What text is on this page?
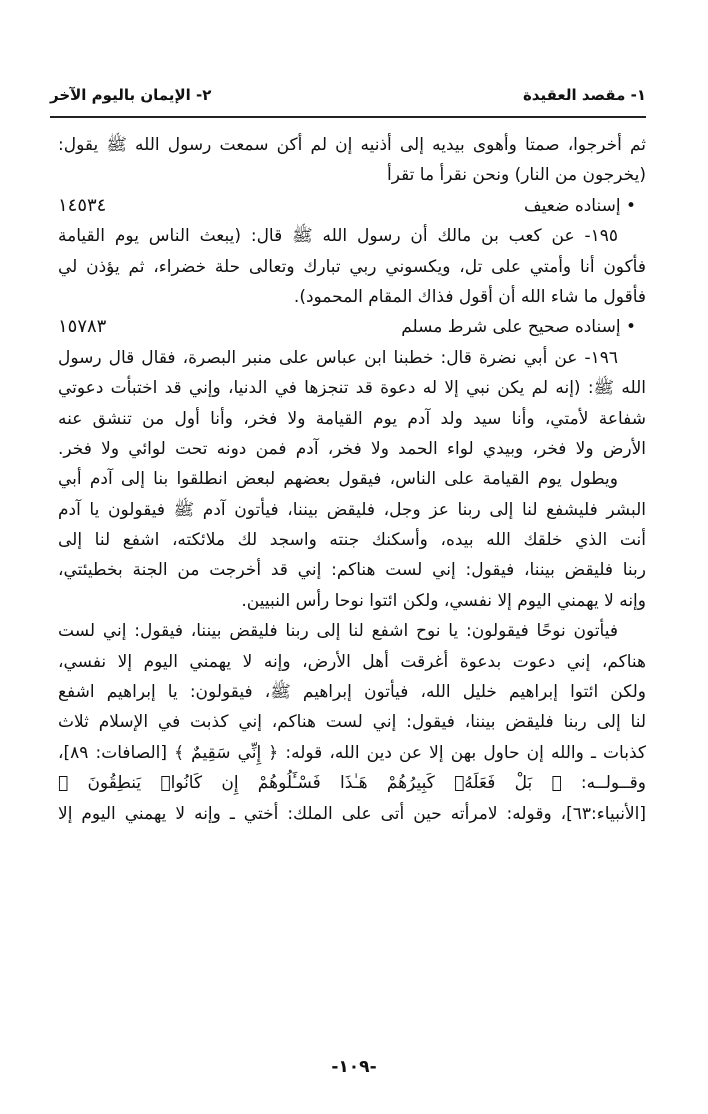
١- مقصد العقيدة
٢- الإيمان باليوم الآخر
ثم أخرجوا، صمتا وأهوى بيديه إلى أذنيه إن لم أكن سمعت رسول الله ﷺ يقول:
(يخرجون من النار) ونحن نقرأ ما تقرأ
• إسناده ضعيف
١٤٥٣٤
١٩٥- عن كعب بن مالك أن رسول الله ﷺ قال: (يبعث الناس يوم القيامة
فأكون أنا وأمتي على تل، ويكسوني ربي تبارك وتعالى حلة خضراء، ثم يؤذن لي
فأقول ما شاء الله أن أقول فذاك المقام المحمود).
• إسناده صحيح على شرط مسلم
١٥٧٨٣
١٩٦- عن أبي نضرة قال: خطبنا ابن عباس على منبر البصرة، فقال قال رسول
الله ﷺ: (إنه لم يكن نبي إلا له دعوة قد تنجزها في الدنيا، وإني قد اختبأت دعوتي
شفاعة لأمتي، وأنا سيد ولد آدم يوم القيامة ولا فخر، وأنا أول من تنشق عنه
الأرض ولا فخر، وبيدي لواء الحمد ولا فخر، آدم فمن دونه تحت لوائي ولا فخر.
ويطول يوم القيامة على الناس، فيقول بعضهم لبعض انطلقوا بنا إلى آدم أبي
البشر فليشفع لنا إلى ربنا عز وجل، فليقض بيننا، فيأتون آدم ﷺ فيقولون يا آدم
أنت الذي خلقك الله بيده، وأسكنك جنته واسجد لك ملائكته، اشفع لنا إلى
ربنا فليقض بيننا، فيقول: إني لست هناكم: إني قد أخرجت من الجنة بخطيئتي،
وإنه لا يهمني اليوم إلا نفسي، ولكن ائتوا نوحا رأس النبيين.
فيأتون نوحًا فيقولون: يا نوح اشفع لنا إلى ربنا فليقض بيننا، فيقول: إني لست
هناكم، إني دعوت بدعوة أغرقت أهل الأرض، وإنه لا يهمني اليوم إلا نفسي،
ولكن ائتوا إبراهيم خليل الله، فيأتون إبراهيم ﷺ، فيقولون: يا إبراهيم اشفع
لنا إلى ربنا فليقض بيننا، فيقول: إني لست هناكم، إني كذبت في الإسلام ثلاث
كذبات ـ والله إن حاول بهن إلا عن دين الله، قوله: ﴿ إِنِّي سَقِيمٌ ﴾ [الصافات: ٨٩]،
وقــولــه: ﴿ بَلْ فَعَلَهُۥ كَبِيرُهُمْ هَـٰذَا فَسْـَٔلُوهُمْ إِن كَانُوا۟ يَنطِقُونَ ﴾
[الأنبياء:٦٣]، وقوله: لامرأته حين أتى على الملك: أختي ـ وإنه لا يهمني اليوم إلا
-١٠٩-
